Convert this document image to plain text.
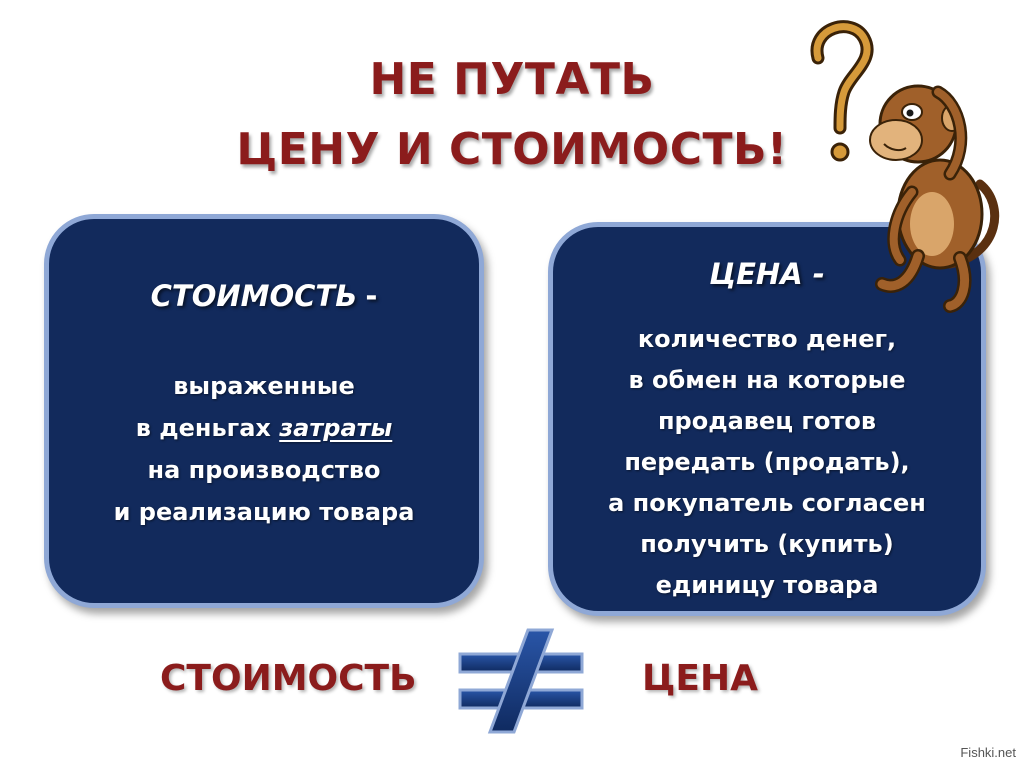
НЕ ПУТАТЬ
ЦЕНУ И СТОИМОСТЬ!
СТОИМОСТЬ -
выраженные
в деньгах затраты
на производство
и реализацию товара
ЦЕНА -
количество денег,
в обмен на которые
продавец готов
передать (продать),
а покупатель согласен
получить (купить)
единицу товара
СТОИМОСТЬ	ЦЕНА
Fishki.net
